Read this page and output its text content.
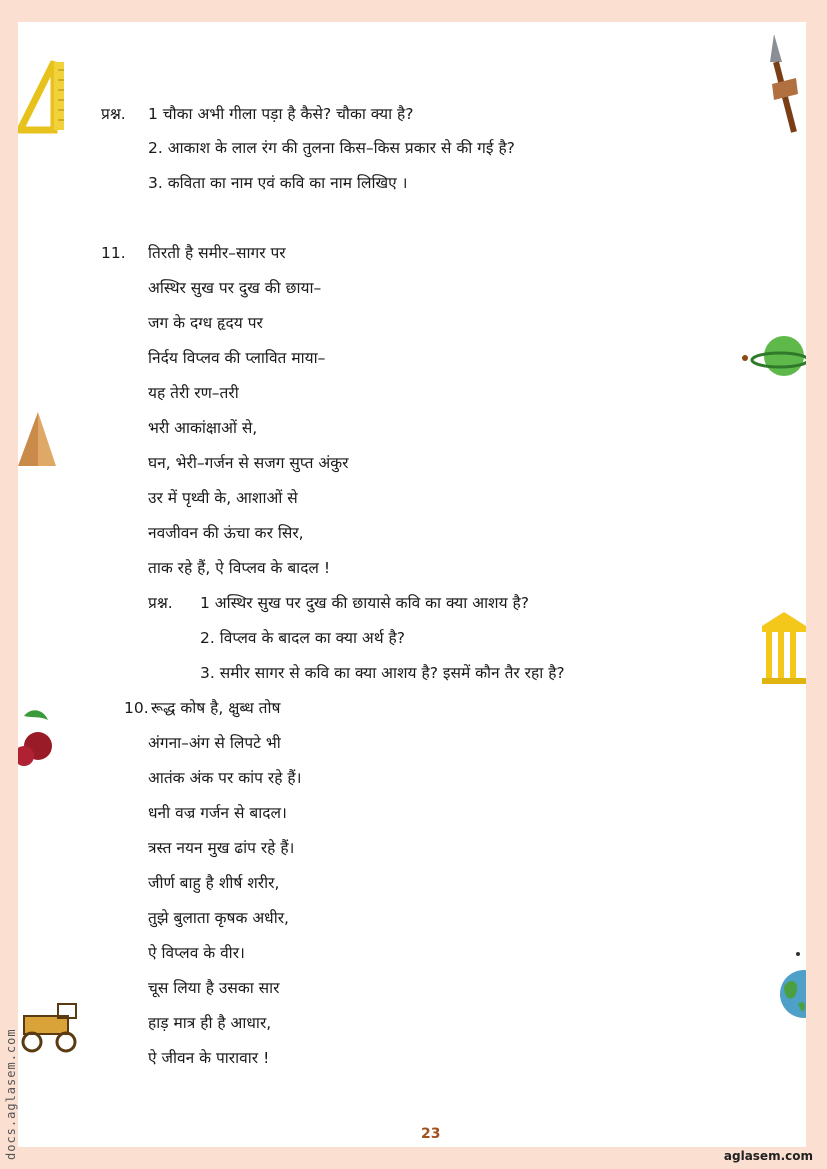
प्रश्न. 1 चौका अभी गीला पड़ा है कैसे? चौका क्या है?
2. आकाश के लाल रंग की तुलना किस–किस प्रकार से की गई है?
3. कविता का नाम एवं कवि का नाम लिखिए ।
11. तिरती है समीर–सागर पर
अस्थिर सुख पर दुख की छाया–
जग के दग्ध हृदय पर
निर्दय विप्लव की प्लावित माया–
यह तेरी रण–तरी
भरी आकांक्षाओं से,
घन, भेरी–गर्जन से सजग सुप्त अंकुर
उर में पृथ्वी के, आशाओं से
नवजीवन की ऊंचा कर सिर,
ताक रहे हैं, ऐ विप्लव के बादल !
प्रश्न. 1 अस्थिर सुख पर दुख की छायासे कवि का क्या आशय है?
2. विप्लव के बादल का क्या अर्थ है?
3. समीर सागर से कवि का क्या आशय है? इसमें कौन तैर रहा है?
10. रूद्ध कोष है, क्षुब्ध तोष
अंगना–अंग से लिपटे भी
आतंक अंक पर कांप रहे हैं।
धनी वज्र गर्जन से बादल।
त्रस्त नयन मुख ढांप रहे हैं।
जीर्ण बाहु है शीर्ष शरीर,
तुझे बुलाता कृषक अधीर,
ऐ विप्लव के वीर।
चूस लिया है उसका सार
हाड़ मात्र ही है आधार,
ऐ जीवन के पारावार !
23
docs.aglasem.com	aglasem.com
